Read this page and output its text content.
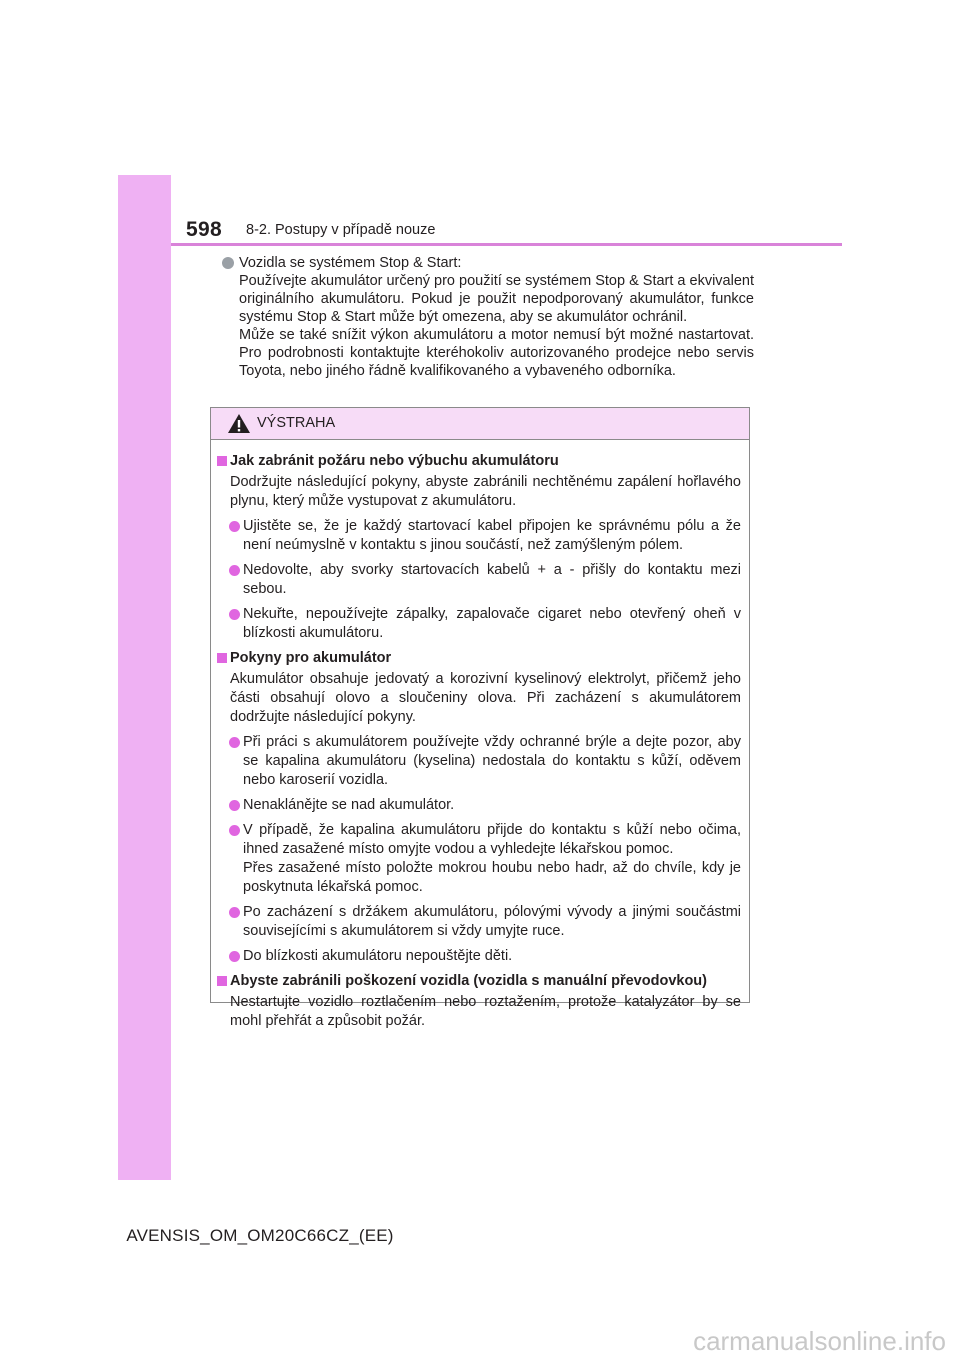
598 8-2. Postupy v případě nouze

Vozidla se systémem Stop & Start:

Používejte akumulátor určený pro použití se systémem Stop & Start a ekvivalent originálního akumulátoru. Pokud je použit nepodporovaný akumulátor, funkce systému Stop & Start může být omezena, aby se akumulátor ochránil.

Může se také snížit výkon akumulátoru a motor nemusí být možné nastartovat. Pro podrobnosti kontaktujte kteréhokoliv autorizovaného prodejce nebo servis Toyota, nebo jiného řádně kvalifikovaného a vybaveného odborníka.

VÝSTRAHA
Jak zabránit požáru nebo výbuchu akumulátoru

Dodržujte následující pokyny, abyste zabránili nechtěnému zapálení hořlavého plynu, který může vystupovat z akumulátoru.

Ujistěte se, že je každý startovací kabel připojen ke správnému pólu a že není neúmyslně v kontaktu s jinou součástí, než zamýšleným pólem.
Nedovolte, aby svorky startovacích kabelů + a - přišly do kontaktu mezi sebou.
Nekuřte, nepoužívejte zápalky, zapalovače cigaret nebo otevřený oheň v blízkosti akumulátoru.
Pokyny pro akumulátor

Akumulátor obsahuje jedovatý a korozivní kyselinový elektrolyt, přičemž jeho části obsahují olovo a sloučeniny olova. Při zacházení s akumulátorem dodržujte následující pokyny.

Při práci s akumulátorem používejte vždy ochranné brýle a dejte pozor, aby se kapalina akumulátoru (kyselina) nedostala do kontaktu s kůží, oděvem nebo karoserií vozidla.
Nenaklánějte se nad akumulátor.

V případě, že kapalina akumulátoru přijde do kontaktu s kůží nebo očima, ihned zasažené místo omyjte vodou a vyhledejte lékařskou pomoc.

Přes zasažené místo položte mokrou houbu nebo hadr, až do chvíle, kdy je poskytnuta lékařská pomoc.

Po zacházení s držákem akumulátoru, pólovými vývody a jinými součástmi souvisejícími s akumulátorem si vždy umyjte ruce.
Do blízkosti akumulátoru nepouštějte děti.
Abyste zabránili poškození vozidla (vozidla s manuální převodovkou)

Nestartujte vozidlo roztlačením nebo roztažením, protože katalyzátor by se mohl přehřát a způsobit požár.

AVENSIS_OM_OM20C66CZ_(EE)
carmanualsonline.info
